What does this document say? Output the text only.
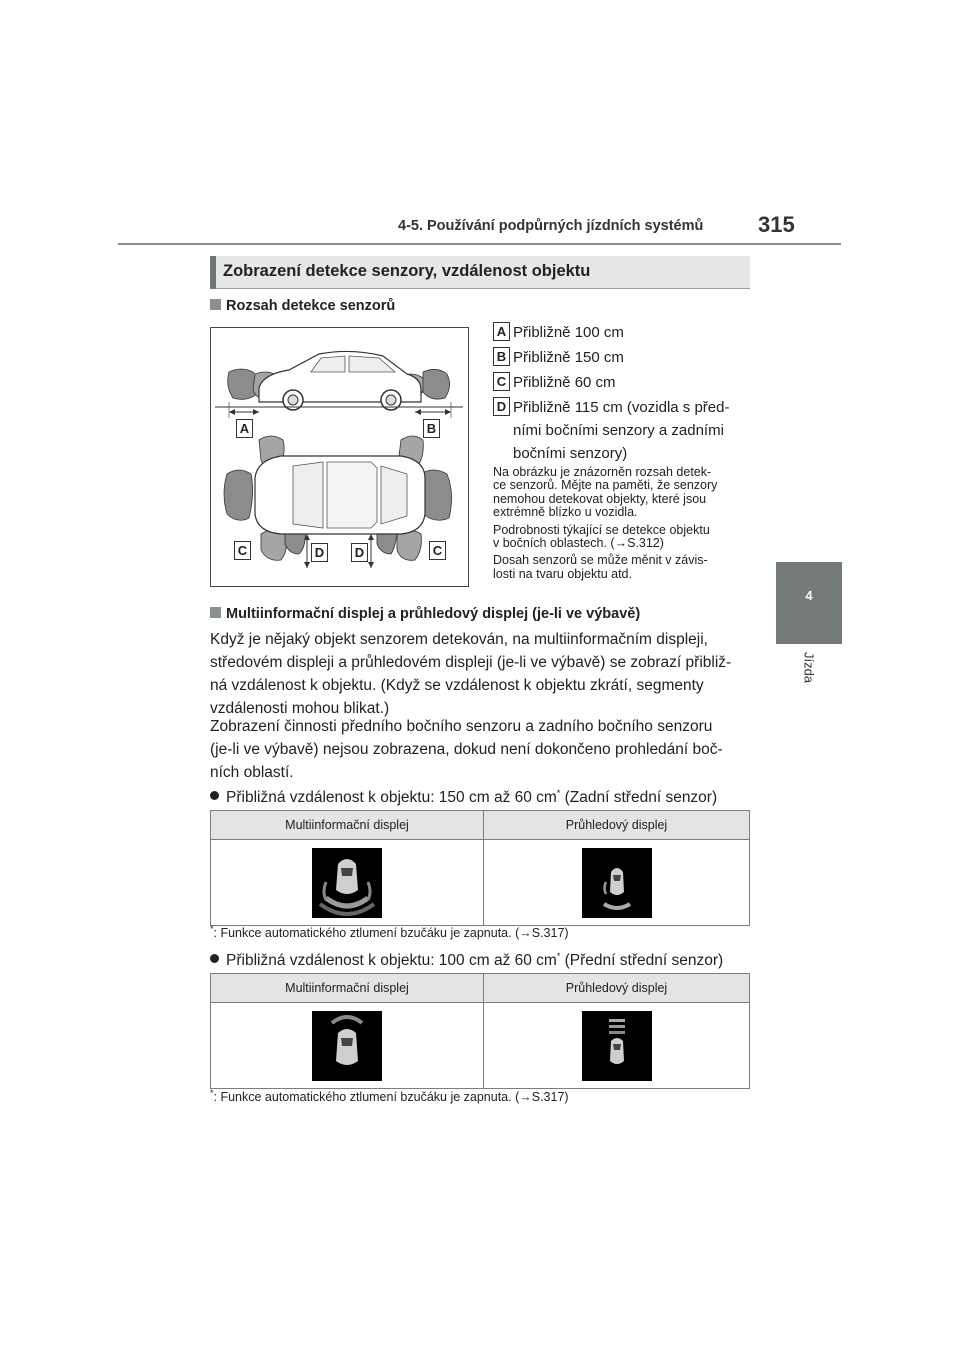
4-5. Používání podpůrných jízdních systémů 315
4
Jízda
Zobrazení detekce senzory, vzdálenost objektu
Rozsah detekce senzorů
A	B
C	D D	C
A Přibližně 100 cm
B Přibližně 150 cm
C Přibližně 60 cm
D Přibližně 115 cm (vozidla s před-
ními bočními senzory a zadními
bočními senzory)
Na obrázku je znázorněn rozsah detek-
ce senzorů. Mějte na paměti, že senzory
nemohou detekovat objekty, které jsou
extrémně blízko u vozidla.
Podrobnosti týkající se detekce objektu
v bočních oblastech. (→S.312)
Dosah senzorů se může měnit v závis-
losti na tvaru objektu atd.
Multiinformační displej a průhledový displej (je-li ve výbavě)
Když je nějaký objekt senzorem detekován, na multiinformačním displeji,
středovém displeji a průhledovém displeji (je-li ve výbavě) se zobrazí přibliž-
ná vzdálenost k objektu. (Když se vzdálenost k objektu zkrátí, segmenty
vzdálenosti mohou blikat.)
Zobrazení činnosti předního bočního senzoru a zadního bočního senzoru
(je-li ve výbavě) nejsou zobrazena, dokud není dokončeno prohledání boč-
ních oblastí.
Přibližná vzdálenost k objektu: 150 cm až 60 cm* (Zadní střední senzor)
Multiinformační displej	Průhledový displej

*: Funkce automatického ztlumení bzučáku je zapnuta. (→S.317)
Přibližná vzdálenost k objektu: 100 cm až 60 cm* (Přední střední senzor)
Multiinformační displej	Průhledový displej

*: Funkce automatického ztlumení bzučáku je zapnuta. (→S.317)
